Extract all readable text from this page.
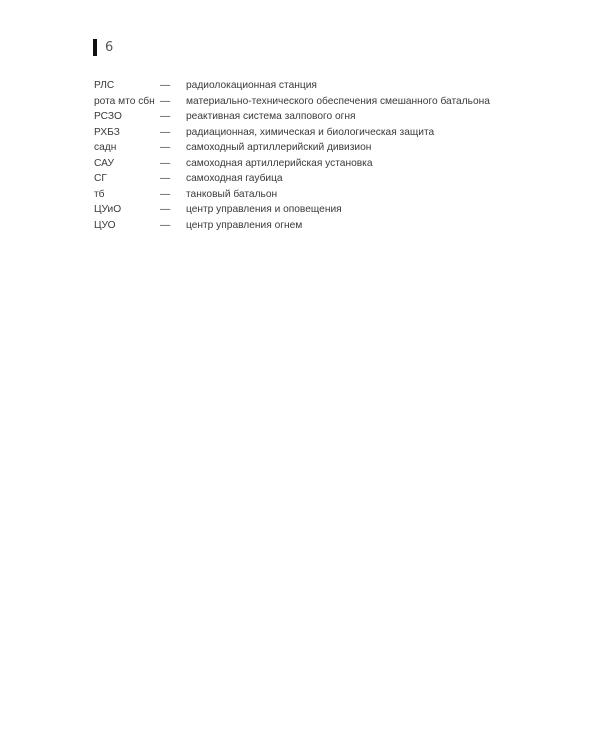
6
РЛС	—	радиолокационная станция
рота мто сбн —	материально-технического обеспечения смешанного батальона
РСЗО	—	реактивная система залпового огня
РХБЗ	—	радиационная, химическая и биологическая защита
садн	—	самоходный артиллерийский дивизион
САУ	—	самоходная артиллерийская установка
СГ	—	самоходная гаубица
тб	—	танковый батальон
ЦУиО	—	центр управления и оповещения
ЦУО	—	центр управления огнем
